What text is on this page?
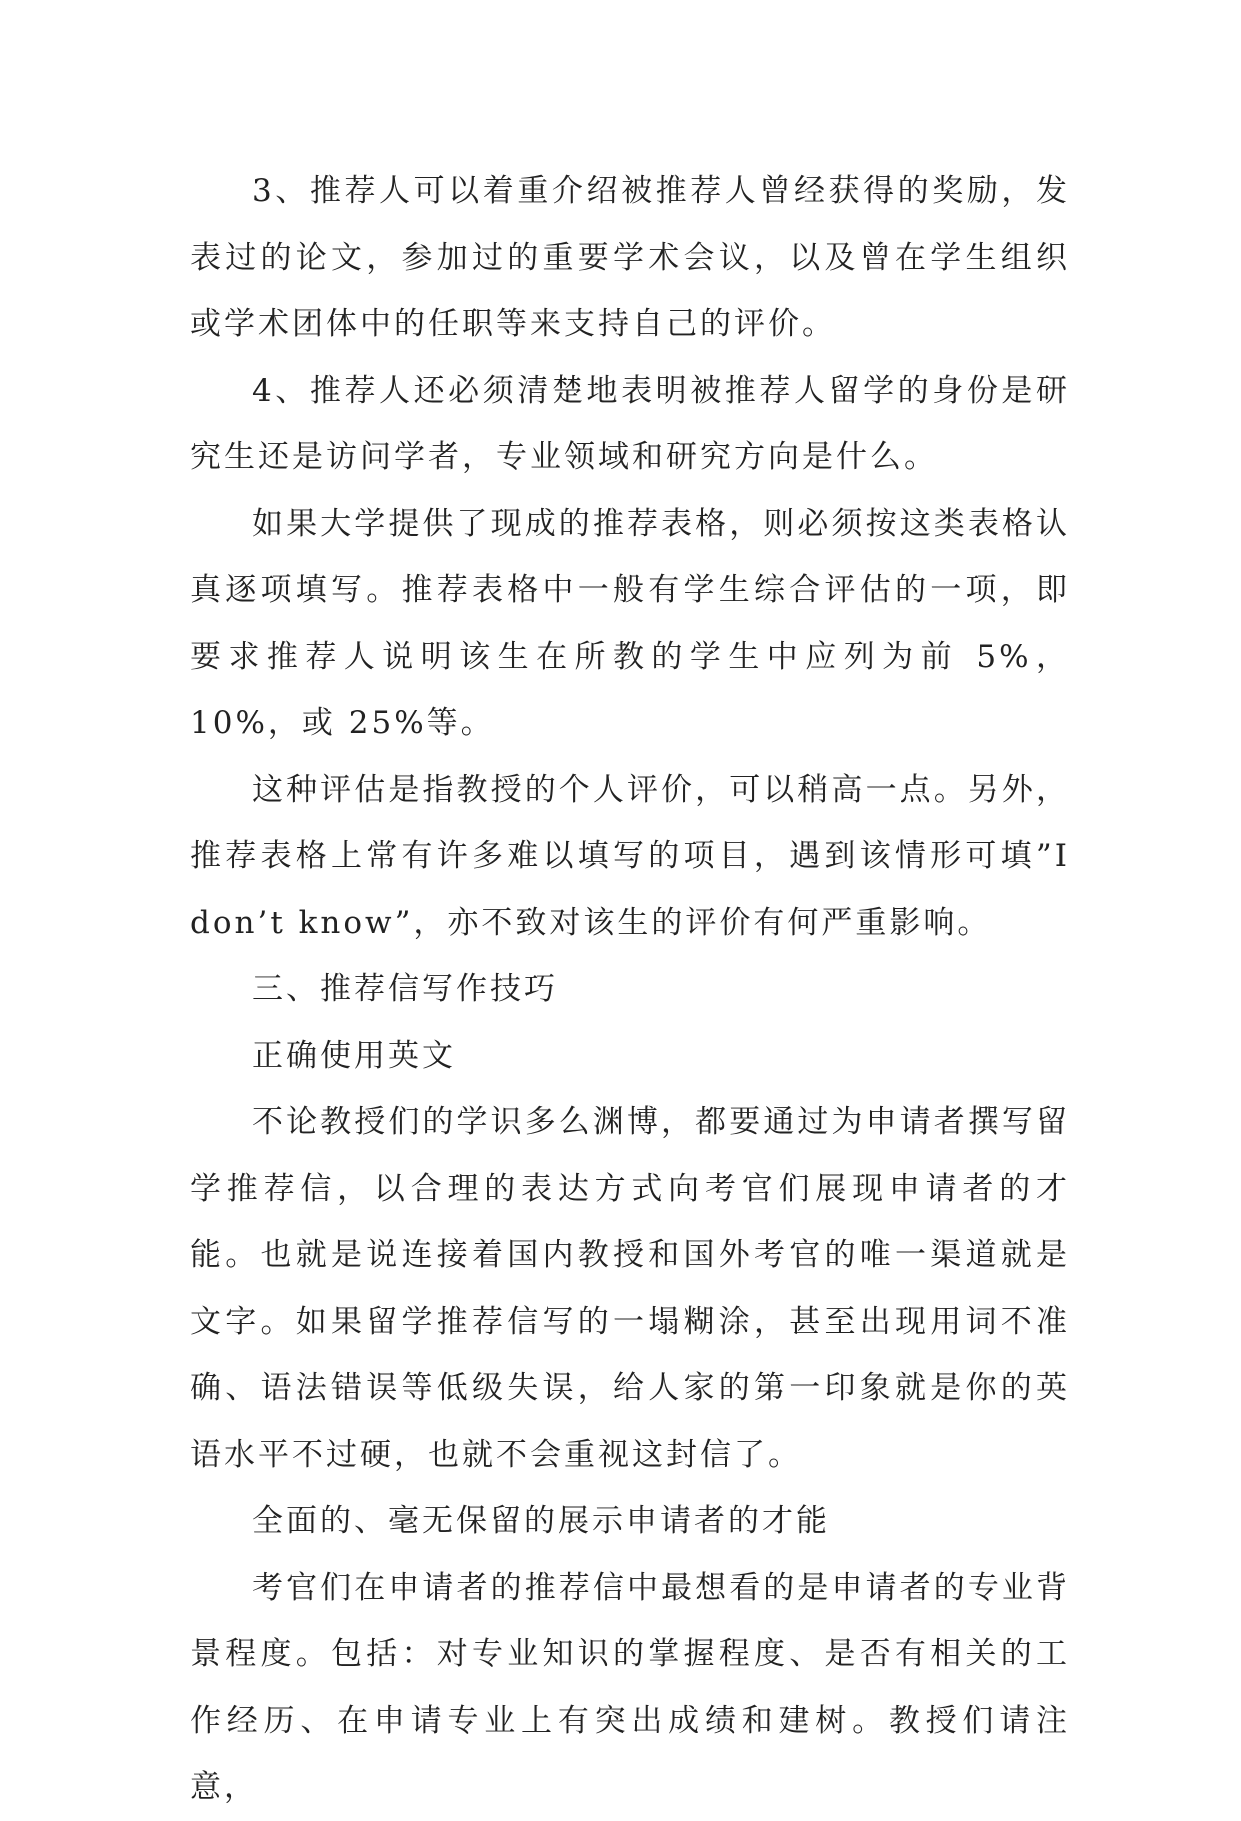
3、推荐人可以着重介绍被推荐人曾经获得的奖励，发表过的论文，参加过的重要学术会议，以及曾在学生组织或学术团体中的任职等来支持自己的评价。

4、推荐人还必须清楚地表明被推荐人留学的身份是研究生还是访问学者，专业领域和研究方向是什么。

如果大学提供了现成的推荐表格，则必须按这类表格认真逐项填写。推荐表格中一般有学生综合评估的一项，即要求推荐人说明该生在所教的学生中应列为前 5%，10%，或 25%等。

这种评估是指教授的个人评价，可以稍高一点。另外，推荐表格上常有许多难以填写的项目，遇到该情形可填”I don’t know”，亦不致对该生的评价有何严重影响。

三、推荐信写作技巧

正确使用英文

不论教授们的学识多么渊博，都要通过为申请者撰写留学推荐信，以合理的表达方式向考官们展现申请者的才能。也就是说连接着国内教授和国外考官的唯一渠道就是文字。如果留学推荐信写的一塌糊涂，甚至出现用词不准确、语法错误等低级失误，给人家的第一印象就是你的英语水平不过硬，也就不会重视这封信了。

全面的、毫无保留的展示申请者的才能

考官们在申请者的推荐信中最想看的是申请者的专业背景程度。包括：对专业知识的掌握程度、是否有相关的工作经历、在申请专业上有突出成绩和建树。教授们请注意，
